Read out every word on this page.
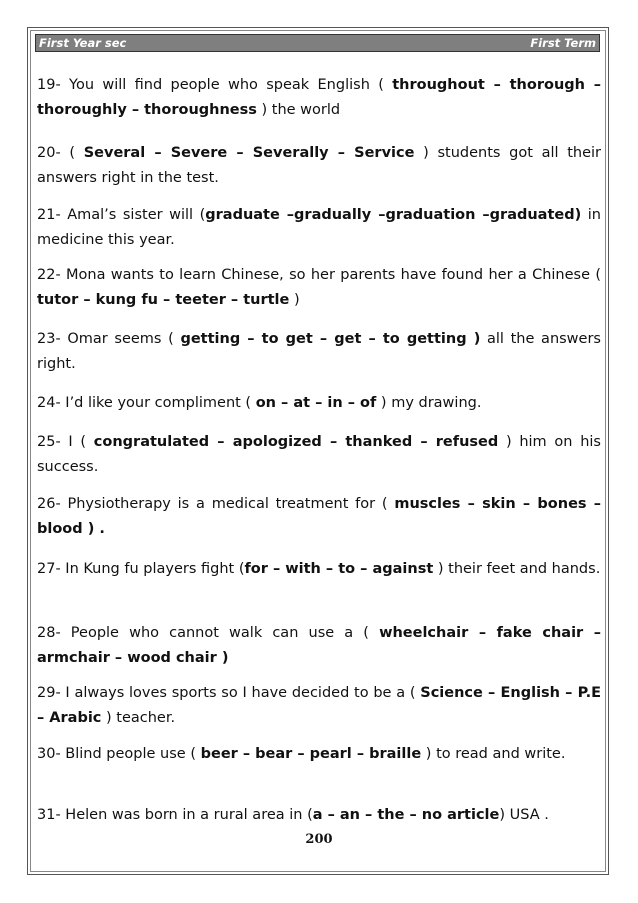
First Year sec	First Term

19- You will find people who speak English ( throughout – thorough – thoroughly – thoroughness ) the world

20- ( Several – Severe – Severally – Service ) students got all their answers right in the test.

21- Amal’s sister will (graduate –gradually –graduation –graduated) in medicine this year.

22- Mona wants to learn Chinese, so her parents have found her a Chinese ( tutor – kung fu – teeter – turtle )

23- Omar seems ( getting – to get – get – to getting ) all the answers right.

24- I’d like your compliment ( on – at – in – of ) my drawing.

25- I ( congratulated – apologized – thanked – refused ) him on his success.

26- Physiotherapy is a medical treatment for ( muscles – skin – bones – blood ) .

27- In Kung fu players fight (for – with – to – against ) their feet and hands.

28- People who cannot walk can use a ( wheelchair – fake chair – armchair – wood chair )

29- I always loves sports so I have decided to be a ( Science – English – P.E – Arabic ) teacher.

30- Blind people use ( beer – bear – pearl – braille ) to read and write.

31- Helen was born in a rural area in (a – an – the – no article) USA .

200
